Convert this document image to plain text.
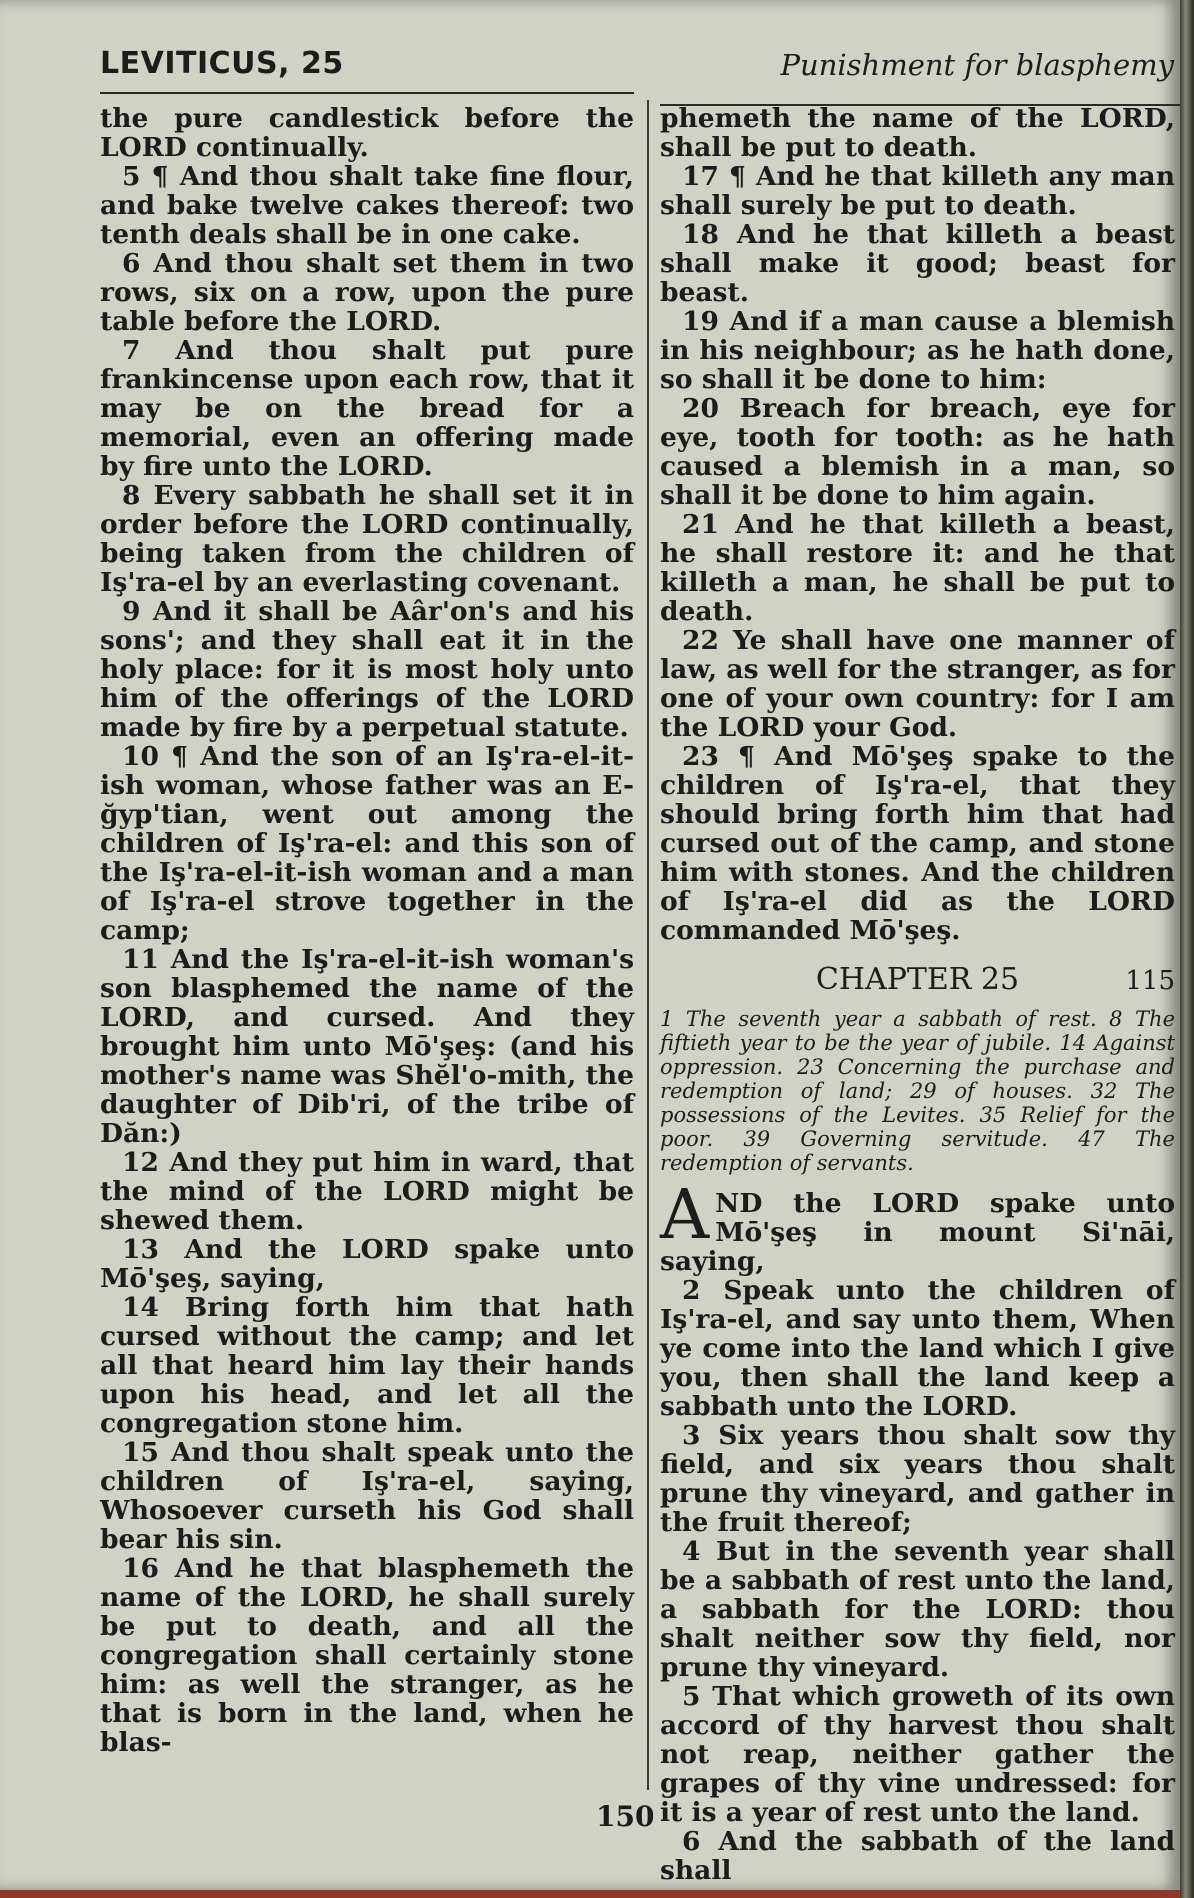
LEVITICUS, 25	Punishment for blasphemy

the pure candlestick before the LORD continually.

5 ¶ And thou shalt take fine flour, and bake twelve cakes thereof: two tenth deals shall be in one cake.

6 And thou shalt set them in two rows, six on a row, upon the pure table before the LORD.

7 And thou shalt put pure frankincense upon each row, that it may be on the bread for a memorial, even an offering made by fire unto the LORD.

8 Every sabbath he shall set it in order before the LORD continually, being taken from the children of Iş'ra-el by an everlasting covenant.

9 And it shall be Aâr'on's and his sons'; and they shall eat it in the holy place: for it is most holy unto him of the offerings of the LORD made by fire by a perpetual statute.

10 ¶ And the son of an Iş'ra-el-it-ish woman, whose father was an E-ğyp'tian, went out among the children of Iş'ra-el: and this son of the Iş'ra-el-it-ish woman and a man of Iş'ra-el strove together in the camp;

11 And the Iş'ra-el-it-ish woman's son blasphemed the name of the LORD, and cursed. And they brought him unto Mō'şeş: (and his mother's name was Shĕl'o-mith, the daughter of Dib'ri, of the tribe of Dăn:)

12 And they put him in ward, that the mind of the LORD might be shewed them.

13 And the LORD spake unto Mō'şeş, saying,

14 Bring forth him that hath cursed without the camp; and let all that heard him lay their hands upon his head, and let all the congregation stone him.

15 And thou shalt speak unto the children of Iş'ra-el, saying, Whosoever curseth his God shall bear his sin.

16 And he that blasphemeth the name of the LORD, he shall surely be put to death, and all the congregation shall certainly stone him: as well the stranger, as he that is born in the land, when he blas-

phemeth the name of the LORD, shall be put to death.

17 ¶ And he that killeth any man shall surely be put to death.

18 And he that killeth a beast shall make it good; beast for beast.

19 And if a man cause a blemish in his neighbour; as he hath done, so shall it be done to him:

20 Breach for breach, eye for eye, tooth for tooth: as he hath caused a blemish in a man, so shall it be done to him again.

21 And he that killeth a beast, he shall restore it: and he that killeth a man, he shall be put to death.

22 Ye shall have one manner of law, as well for the stranger, as for one of your own country: for I am the LORD your God.

23 ¶ And Mō'şeş spake to the children of Iş'ra-el, that they should bring forth him that had cursed out of the camp, and stone him with stones. And the children of Iş'ra-el did as the LORD commanded Mō'şeş.

CHAPTER 25	115
1 The seventh year a sabbath of rest. 8 The fiftieth year to be the year of jubile. 14 Against oppression. 23 Concerning the purchase and redemption of land; 29 of houses. 32 The possessions of the Levites. 35 Relief for the poor. 39 Governing servitude. 47 The redemption of servants.

AND the LORD spake unto Mō'şeş in mount Si'nāi, saying,

2 Speak unto the children of Iş'ra-el, and say unto them, When ye come into the land which I give you, then shall the land keep a sabbath unto the LORD.

3 Six years thou shalt sow thy field, and six years thou shalt prune thy vineyard, and gather in the fruit thereof;

4 But in the seventh year shall be a sabbath of rest unto the land, a sabbath for the LORD: thou shalt neither sow thy field, nor prune thy vineyard.

5 That which groweth of its own accord of thy harvest thou shalt not reap, neither gather the grapes of thy vine undressed: for it is a year of rest unto the land.

6 And the sabbath of the land shall

150
